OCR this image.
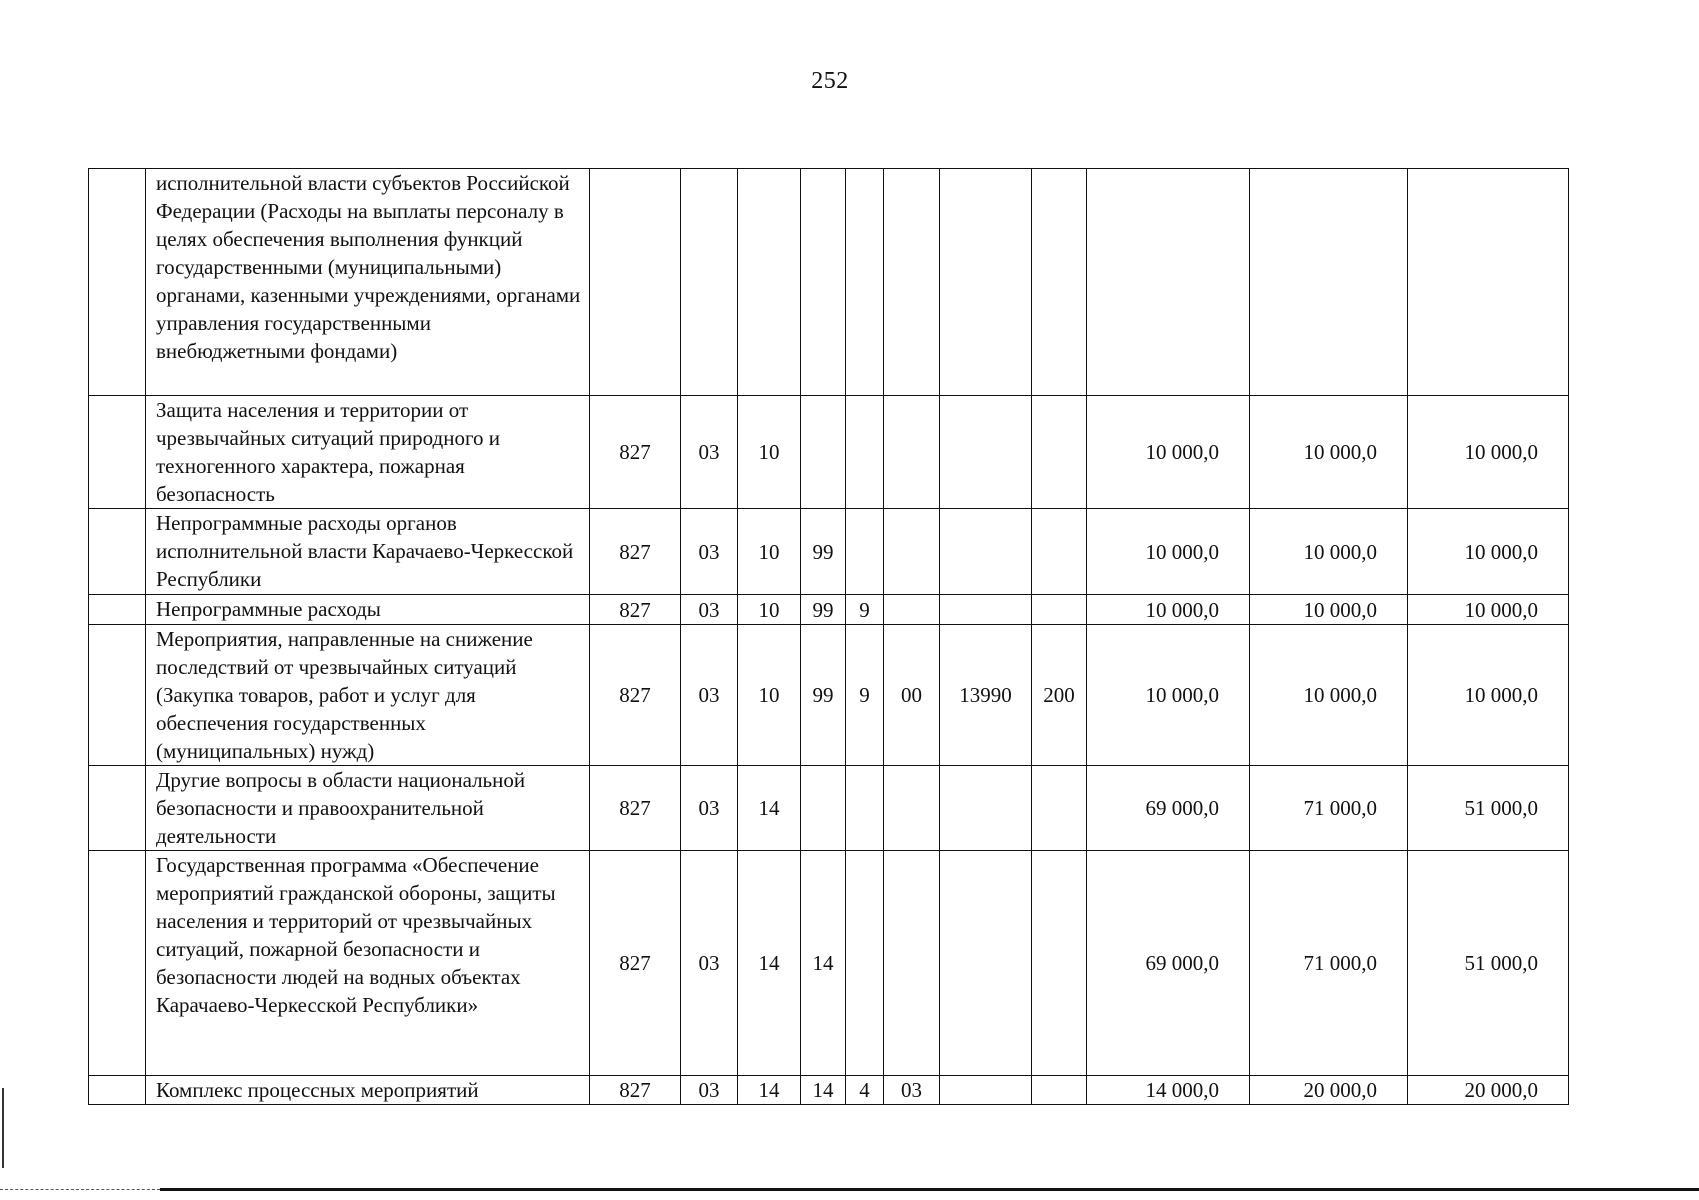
252
	исполнительной власти субъектов Российской Федерации (Расходы на выплаты персоналу в целях обеспечения выполнения функций государственными (муниципальными) органами, казенными учреждениями, органами управления государственными внебюджетными фондами)											
	Защита населения и территории от чрезвычайных ситуаций природного и техногенного характера, пожарная безопасность	827	03	10						10 000,0	10 000,0	10 000,0
	Непрограммные расходы органов исполнительной власти Карачаево-Черкесской Республики	827	03	10	99					10 000,0	10 000,0	10 000,0
	Непрограммные расходы	827	03	10	99	9				10 000,0	10 000,0	10 000,0
	Мероприятия, направленные на снижение последствий от чрезвычайных ситуаций (Закупка товаров, работ и услуг для обеспечения государственных (муниципальных) нужд)	827	03	10	99	9	00	13990	200	10 000,0	10 000,0	10 000,0
	Другие вопросы в области национальной безопасности и правоохранительной деятельности	827	03	14						69 000,0	71 000,0	51 000,0
	Государственная программа «Обеспечение мероприятий гражданской обороны, защиты населения и территорий от чрезвычайных ситуаций, пожарной безопасности и безопасности людей на водных объектах Карачаево-Черкесской Республики»	827	03	14	14					69 000,0	71 000,0	51 000,0
	Комплекс процессных мероприятий	827	03	14	14	4	03			14 000,0	20 000,0	20 000,0
